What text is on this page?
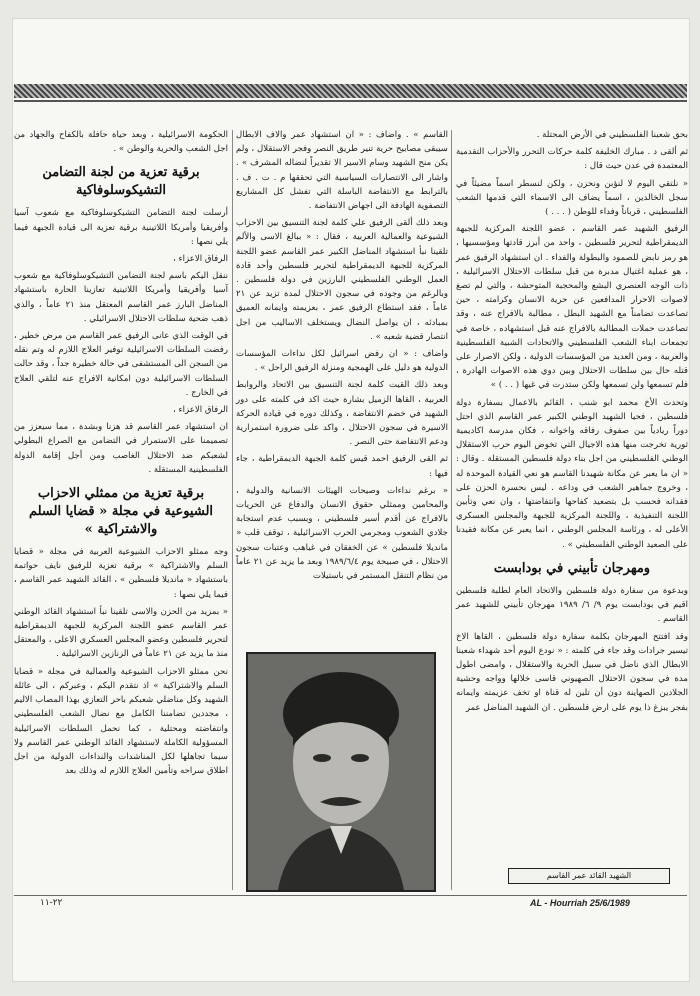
بحق شعبنا الفلسطيني في الأرض المحتلة .

ثم ألقى د . مبارك الخليفة كلمة حركات التحرر والأحزاب التقدمية المعتمدة في عدن حيث قال :

« نلتقي اليوم لا لنؤبن ونحزن ، ولكن لنسطر اسماً مضيئاً في سجل الخالدين ، اسماً يضاف الى الاسماء التي قدمها الشعب الفلسطيني ، قرباناً وفداء للوطن ( . . . )

الرفيق الشهيد عمر القاسم ، عضو اللجنة المركزية للجبهة الديمقراطية لتحرير فلسطين ، واحد من أبرز قادتها ومؤسسيها ، هو رمز نابض للصمود والبطولة والفداء . ان استشهاد الرفيق عمر ، هو عملية اغتيال مدبرة من قبل سلطات الاحتلال الاسرائيلية ، ذات الوجه العنصري البشع والمحجبة المتوحشة ، والتي لم تصغ لاصوات الاحرار المدافعين عن حرية الانسان وكرامته ، حين تصاعدت تضامناً مع الشهيد البطل ، مطالبة بالافراج عنه ، وقد تصاعدت حملات المطالبة بالافراج عنه قبل استشهاده ، خاصة في تجمعات ابناء الشعب الفلسطيني والاتحادات الشبية الفلسطينية والعربية ، ومن العديد من المؤسسات الدولية ، ولكن الاصرار على قتله حال بين سلطات الاحتلال وبين دوي هذه الاصوات الهادرة ، فلم تسمعها ولن تسمعها ولكن ستدرت في غيها ( . . ) »

وتحدث الأخ محمد ابو شنب ، القائم بالاعمال بسفارة دولة فلسطين ، فحيا الشهيد الوطني الكبير عمر القاسم الذي احتل دوراً ريادياً بين صفوف رفاقه واخوانه ، فكان مدرسة اكاديمية ثورية تخرجت منها هذه الاجيال التي تخوض اليوم حرب الاستقلال الوطني الفلسطيني من اجل بناء دولة فلسطين المستقلة . وقال : « ان ما يعبر عن مكانة شهيدنا القاسم هو نعي القيادة الموحدة له ، وخروج جماهير الشعب في وداعه . ليس بحسرة الحزن على فقدانه فحسب بل بتصعيد كفاحها وانتفاضتها ، وان نعي وتأبين اللجنة التنفيذية ، واللجنة المركزية للجبهة والمجلس العسكري الأعلى له ، ورئاسة المجلس الوطني ، انما يعبر عن مكانة فقيدنا على الصعيد الوطني الفلسطيني » .

ومهرجان تأبيني في بودابست

وبدعوة من سفارة دولة فلسطين والاتحاد العام لطلبة فلسطين اقيم في بودابست يوم ٩/ ٦/ ١٩٨٩ مهرجان تأبيني للشهيد عمر القاسم .

وقد افتتح المهرجان بكلمة سفارة دولة فلسطين ، القاها الاخ تيسير جرادات وقد جاء في كلمته : « نودع اليوم أحد شهداء شعبنا الابطال الذي ناضل في سبيل الحرية والاستقلال ، وامضى اطول مدة في سجون الاحتلال الصهيوني قاسى خلالها وواجه وحشية الجلادين الصهاينة دون أن تلين له قناة او تخف عزيمته وايمانه بفجر يبزغ ذا يوم على ارض فلسطين . ان الشهيد المناضل عمر

القاسم » . واضاف : « ان استشهاد عمر والاف الابطال سيبقى مصابيح حرية تنير طريق النصر وفجر الاستقلال ، ولم يكن منح الشهيد وسام الاسير الا تقديراً لنضاله المشرف » . واشار الى الانتصارات السياسية التي تحققها م . ت . ف . بالترابط مع الانتفاضة الباسلة التي تفشل كل المشاريع التصفوية الهادفة الى اجهاض الانتفاضة .

وبعد ذلك ألقى الرفيق علي كلمة لجنة التنسيق بين الاحزاب الشيوعية والعمالية العربية ، فقال : « ببالغ الاسى والألم تلقينا نبأ استشهاد المناضل الكبير عمر القاسم عضو اللجنة المركزية للجبهة الديمقراطية لتحرير فلسطين وأحد قادة العمل الوطني الفلسطيني البارزين في دولة فلسطين . وبالرغم من وجوده في سجون الاحتلال لمدة تزيد عن ٢١ عاماً ، فقد استطاع الرفيق عمر ، بعزيمته وايمانه العميق بمبادئه ، ان يواصل النضال ويستخلف الاساليب من اجل انتصار قضية شعبه » .

واضاف : « ان رفض اسرائيل لكل نداءات المؤسسات الدولية هو دليل على الهمجية ومنزلة الرفيق الراحل » .

وبعد ذلك القيت كلمة لجنة التنسيق بين الاتحاد والروابط العربية ، القاها الزميل بشارة حيث اكد في كلمته على دور الشهيد في خضم الانتفاضة ، وكذلك دوره في قيادة الحركة الاسيرة في سجون الاحتلال ، واكد على ضرورة استمرارية ودعم الانتفاضة حتى النصر .

ثم القى الرفيق احمد قيس كلمة الجبهة الديمقراطية ، جاء فيها :

« برغم نداءات وصيحات الهيئات الانسانية والدولية ، والمحامين وممثلي حقوق الانسان والدفاع عن الحريات بالافراج عن أقدم أسير فلسطيني ، وبسبب عدم استجابة جلادي الشعوب ومجرمي الحرب الاسرائيلية ، توقف قلب « مانديلا فلسطين » عن الخفقان في غياهب وعتبات سجون الاحتلال ، في صبيحة يوم ١٩٨٩/٦/٤ وبعد ما يزيد عن ٢١ عاماً من نظام التنقل المستمر في باستيلات

الشهيد القائد عمر القاسم

الحكومة الاسرائيلية ، وبعد حياة حافلة بالكفاح والجهاد من اجل الشعب والحرية والوطن » .

برقية تعزية من لجنة التضامن التشيكوسلوفاكية

أرسلت لجنة التضامن التشيكوسلوفاكية مع شعوب آسيا وأفريقيا وأمريكا اللاتينية برقية تعزية الى قيادة الجبهة فيما يلي نصها :

الرفاق الاعزاء ،

ننقل اليكم باسم لجنة التضامن التشيكوسلوفاكية مع شعوب آسيا وأفريقيا وأمريكا اللاتينية تعازينا الحارة باستشهاد المناضل البارز عمر القاسم المعتقل منذ ٢١ عاماً ، والذي ذهب ضحية سلطات الاحتلال الاسرائيلي .

في الوقت الذي عانى الرفيق عمر القاسم من مرض خطير ، رفضت السلطات الاسرائيلية توفير العلاج اللازم له وتم نقله من السجن الى المستشفى في حالة خطيرة جداً ، وقد حالت السلطات الاسرائيلية دون امكانية الافراج عنه لتلقي العلاج في الخارج .

الرفاق الاعزاء ،

ان استشهاد عمر القاسم قد هزنا وبشدة ، مما سيعزز من تصميمنا على الاستمرار في التضامن مع الصراع البطولي لشعبكم ضد الاحتلال الغاصب ومن أجل إقامة الدولة الفلسطينية المستقلة .

برقية تعزية من ممثلي الاحزاب الشيوعية في مجلة « قضايا السلم والاشتراكية »

وجه ممثلو الاحزاب الشيوعية العربية في مجلة « قضايا السلم والاشتراكية » برقية تعزية للرفيق نايف حواتمة باستشهاد « مانديلا فلسطين » ، القائد الشهيد عمر القاسم ، فيما يلي نصها :

« بمزيد من الحزن والاسى تلقينا نبأ استشهاد القائد الوطني عمر القاسم عضو اللجنة المركزية للجبهة الديمقراطية لتحرير فلسطين وعضو المجلس العسكري الاعلى ، والمعتقل منذ ما يزيد عن ٢١ عاماً في الزنازين الاسرائيلية .

نحن ممثلو الاحزاب الشيوعية والعمالية في مجلة « قضايا السلم والاشتراكية » اذ نتقدم اليكم ، وعبركم ، الى عائلة الشهيد وكل مناضلي شعبكم باحر التعازي بهذا المصاب الاليم ، مجددين تضامننا الكامل مع نضال الشعب الفلسطيني وانتفاضته ومحتلية ، كما نحمل السلطات الاسرائيلية المسؤولية الكاملة لاستشهاد القائد الوطني عمر القاسم ولا سيما تجاهلها لكل المناشدات والنداءات الدولية من اجل اطلاق سراحه وتأمين العلاج اللازم له وذلك بعد

AL - Hourriah 25/6/1989
٢٢-١١
